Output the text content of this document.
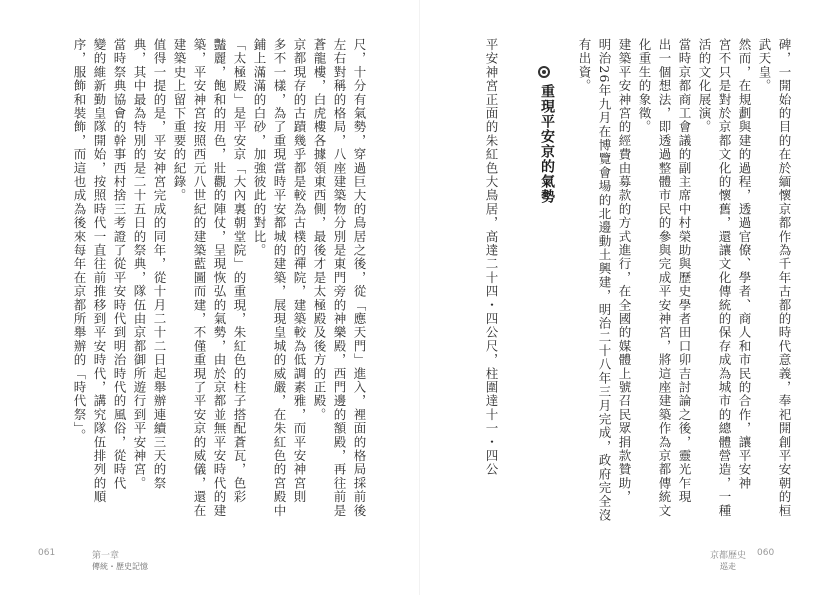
碑，一開始的目的在於緬懷京都作為千年古都的時代意義，奉祀開創平安朝的桓
武天皇。
然而，在規劃與建的過程，透過官僚、學者、商人和市民的合作，讓平安神
宮不只是對於京都文化的懷舊，還讓文化傳統的保存成為城市的總體營造，一種
活的文化展演。
當時京都商工會議的副主席中村榮助與歷史學者田口卯吉討論之後，靈光乍現
出一個想法，即透過整體市民的參與完成平安神宮，將這座建築作為京都傳統文
化重生的象徵。
建築平安神宮的經費由募款的方式進行，在全國的媒體上號召民眾捐款贊助，
明治26年九月在博覽會場的北邊動土興建，明治二十八年三月完成，政府完全沒
有出資。
重現平安京的氣勢
平安神宮正面的朱紅色大鳥居，高達二十四・四公尺，柱圍達十一・四公
京都歷史
巡走
060
尺，十分有氣勢，穿過巨大的鳥居之後，從「應天門」進入，裡面的格局採前後
左右對稱的格局，八座建築物分別是東門旁的神樂殿，西門邊的額殿，再往前是
蒼龍樓，白虎樓各據領東西側，最後才是太極殿及後方的正殿。
京都現存的古蹟幾乎都是較為古樸的禪院，建築較為低調素雅，而平安神宮則
多不一樣，為了重現當時平安都城的建築，展現皇城的威嚴，在朱紅色的宮殿中
鋪上滿滿的白砂，加強彼此的對比。
「太極殿」是平安京「大內裏朝堂院」的重現，朱紅色的柱子搭配蒼瓦，色彩
豔麗，飽和的用色，壯觀的陣仗，呈現恢弘的氣勢，由於京都並無平安時代的建
築，平安神宮按照西元八世紀的建築藍圖而建，不僅重現了平安京的威儀，還在
建築史上留下重要的紀錄。
值得一提的是，平安神宮完成的同年，從十月二十二日起舉辦連續三天的祭
典，其中最為特別的是二十五日的祭典，隊伍由京都御所遊行到平安神宮。
當時祭典協會的幹事西村捨三考證了從平安時代到明治時代的風俗，從時代
變的維新勤皇隊開始，按照時代一直往前推移到平安時代，講究隊伍排列的順
序，服飾和裝飾，而這也成為後來每年在京都所舉辦的「時代祭」。
061	第一章
傳統・歷史記憶
